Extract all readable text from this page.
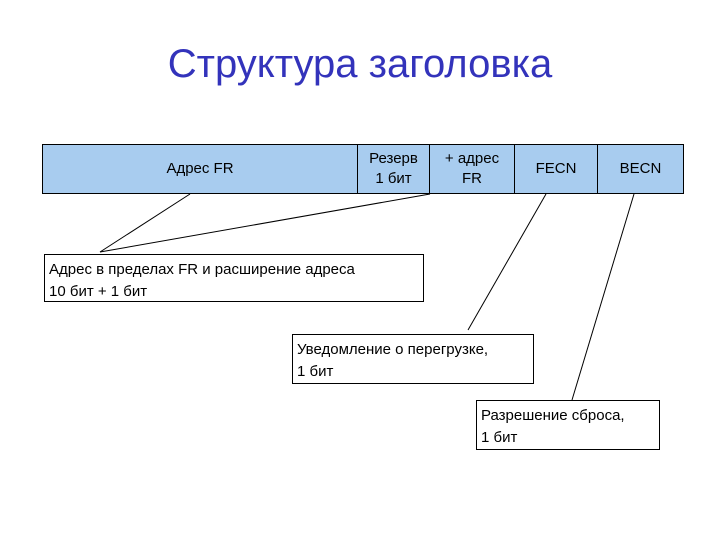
Структура заголовка
Адрес FR
Резерв
1 бит
+ адрес
FR
FECN	BECN
Адрес в пределах FR и расширение адреса
10 бит + 1 бит
Уведомление о перегрузке,
1 бит
Разрешение сброса,
1 бит
